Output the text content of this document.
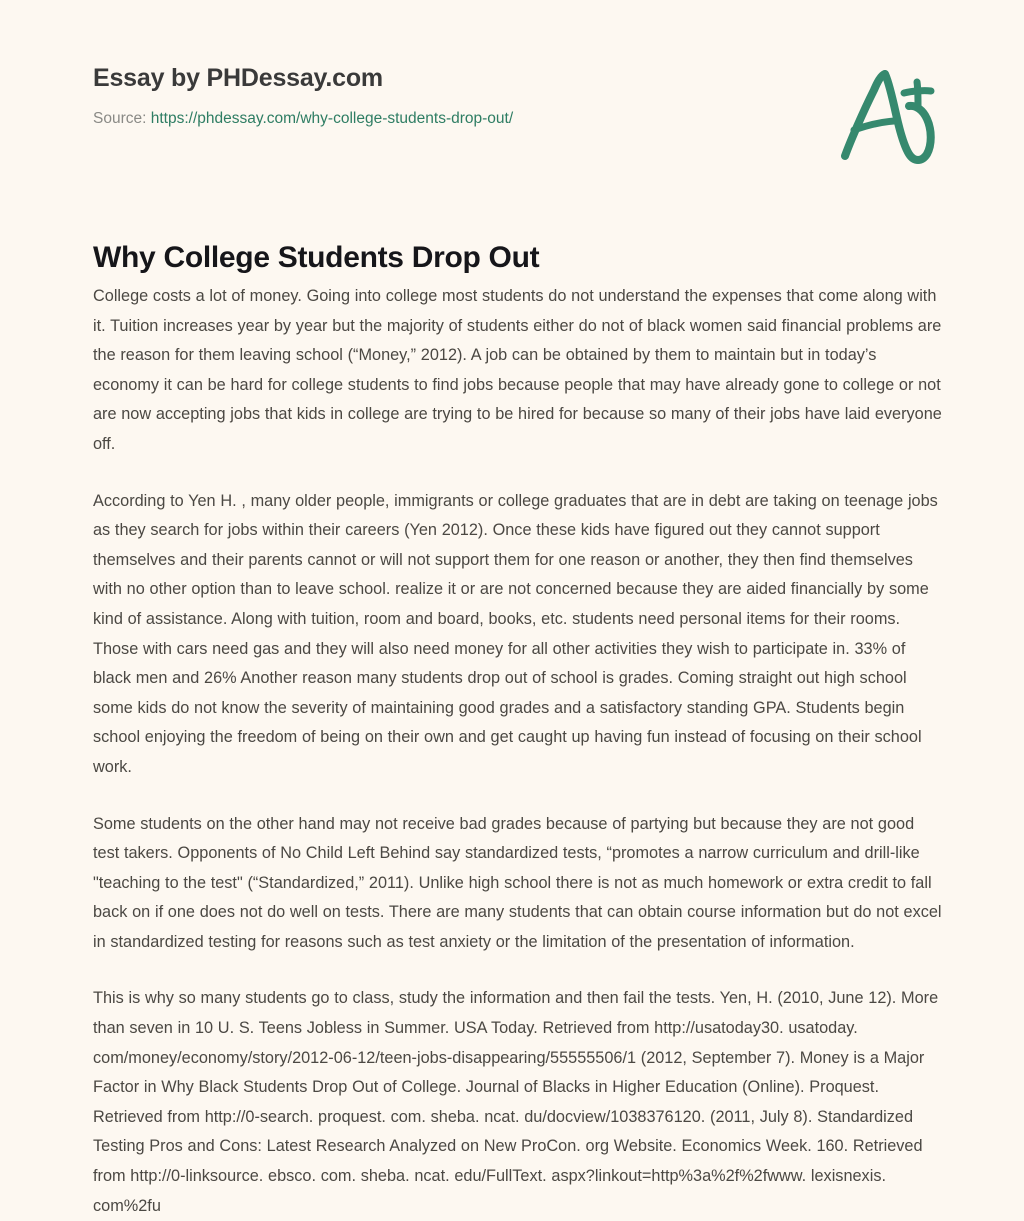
Essay by PHDessay.com
Source: https://phdessay.com/why-college-students-drop-out/
Why College Students Drop Out

College costs a lot of money. Going into college most students do not understand the expenses that come along with it. Tuition increases year by year but the majority of students either do not of black women said financial problems are the reason for them leaving school (“Money,” 2012). A job can be obtained by them to maintain but in today’s economy it can be hard for college students to find jobs because people that may have already gone to college or not are now accepting jobs that kids in college are trying to be hired for because so many of their jobs have laid everyone off.

According to Yen H. , many older people, immigrants or college graduates that are in debt are taking on teenage jobs as they search for jobs within their careers (Yen 2012). Once these kids have figured out they cannot support themselves and their parents cannot or will not support them for one reason or another, they then find themselves with no other option than to leave school. realize it or are not concerned because they are aided financially by some kind of assistance. Along with tuition, room and board, books, etc. students need personal items for their rooms. Those with cars need gas and they will also need money for all other activities they wish to participate in. 33% of black men and 26% Another reason many students drop out of school is grades. Coming straight out high school some kids do not know the severity of maintaining good grades and a satisfactory standing GPA. Students begin school enjoying the freedom of being on their own and get caught up having fun instead of focusing on their school work.

Some students on the other hand may not receive bad grades because of partying but because they are not good test takers. Opponents of No Child Left Behind say standardized tests, “promotes a narrow curriculum and drill-like "teaching to the test" (“Standardized,” 2011). Unlike high school there is not as much homework or extra credit to fall back on if one does not do well on tests. There are many students that can obtain course information but do not excel in standardized testing for reasons such as test anxiety or the limitation of the presentation of information.

This is why so many students go to class, study the information and then fail the tests. Yen, H. (2010, June 12). More than seven in 10 U. S. Teens Jobless in Summer. USA Today. Retrieved from http://usatoday30. usatoday. com/money/economy/story/2012-06-12/teen-jobs-disappearing/55555506/1 (2012, September 7). Money is a Major Factor in Why Black Students Drop Out of College. Journal of Blacks in Higher Education (Online). Proquest. Retrieved from http://0-search. proquest. com. sheba. ncat. du/docview/1038376120. (2011, July 8). Standardized Testing Pros and Cons: Latest Research Analyzed on New ProCon. org Website. Economics Week. 160. Retrieved from http://0-linksource. ebsco. com. sheba. ncat. edu/FullText. aspx?linkout=http%3a%2f%2fwww. lexisnexis. com%2fu
